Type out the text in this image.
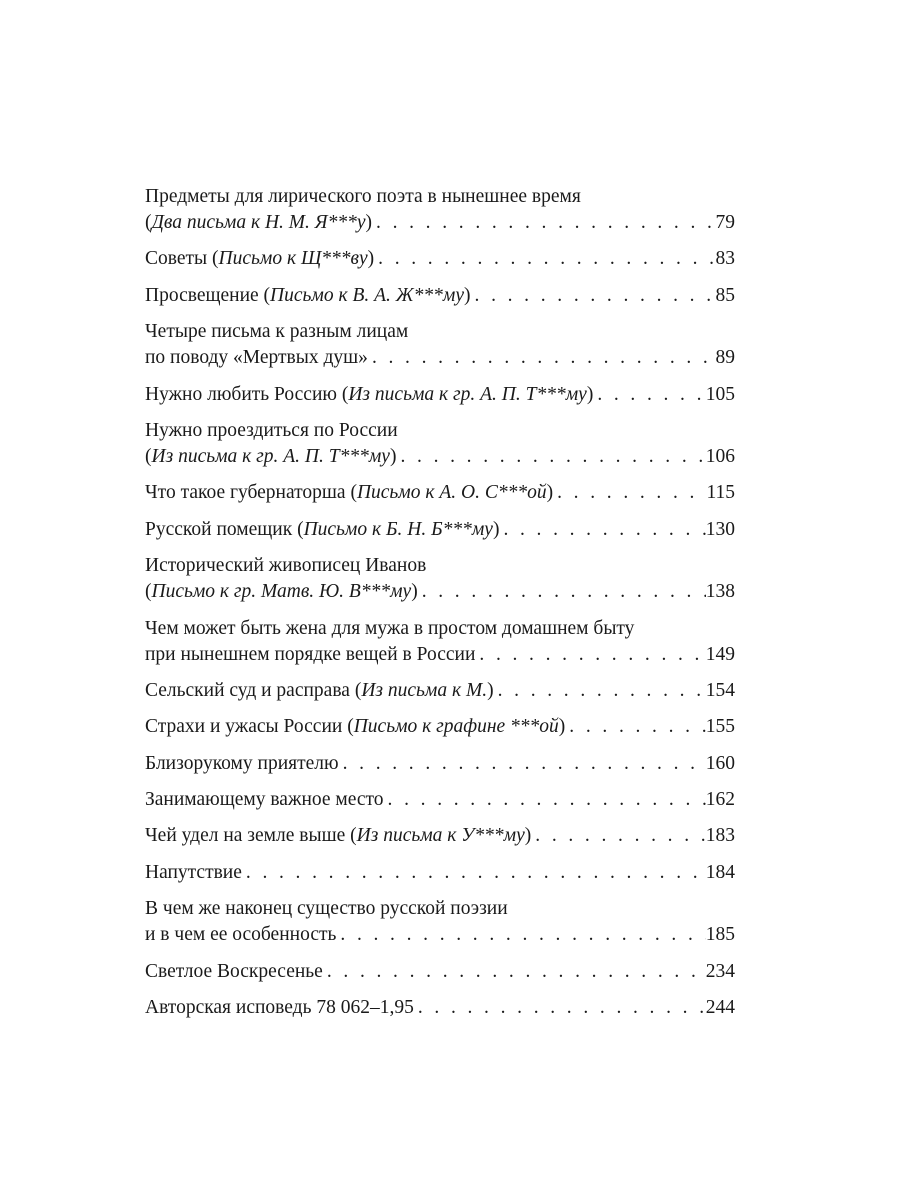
Предметы для лирического поэта в нынешнее время
(Два письма к Н. М. Я***у) . . .	79
Советы (Письмо к Щ***ву) . . .	83
Просвещение (Письмо к В. А. Ж***му) . . .	85
Четыре письма к разным лицам
по поводу «Мертвых душ» . . .	89
Нужно любить Россию (Из письма к гр. А. П. Т***му) . . .	105
Нужно проездиться по России
(Из письма к гр. А. П. Т***му) . . .	106
Что такое губернаторша (Письмо к А. О. С***ой) . . .	115
Русской помещик (Письмо к Б. Н. Б***му) . . .	130
Исторический живописец Иванов
(Письмо к гр. Матв. Ю. В***му) . . .	138
Чем может быть жена для мужа в простом домашнем быту
при нынешнем порядке вещей в России . . .	149
Сельский суд и расправа (Из письма к М.) . . .	154
Страхи и ужасы России (Письмо к графине ***ой) . . .	155
Близорукому приятелю . . .	160
Занимающему важное место . . .	162
Чей удел на земле выше (Из письма к У***му) . . .	183
Напутствие . . .	184
В чем же наконец существо русской поэзии
и в чем ее особенность . . .	185
Светлое Воскресенье . . .	234
Авторская исповедь 78 062–1,95 . . .	244
